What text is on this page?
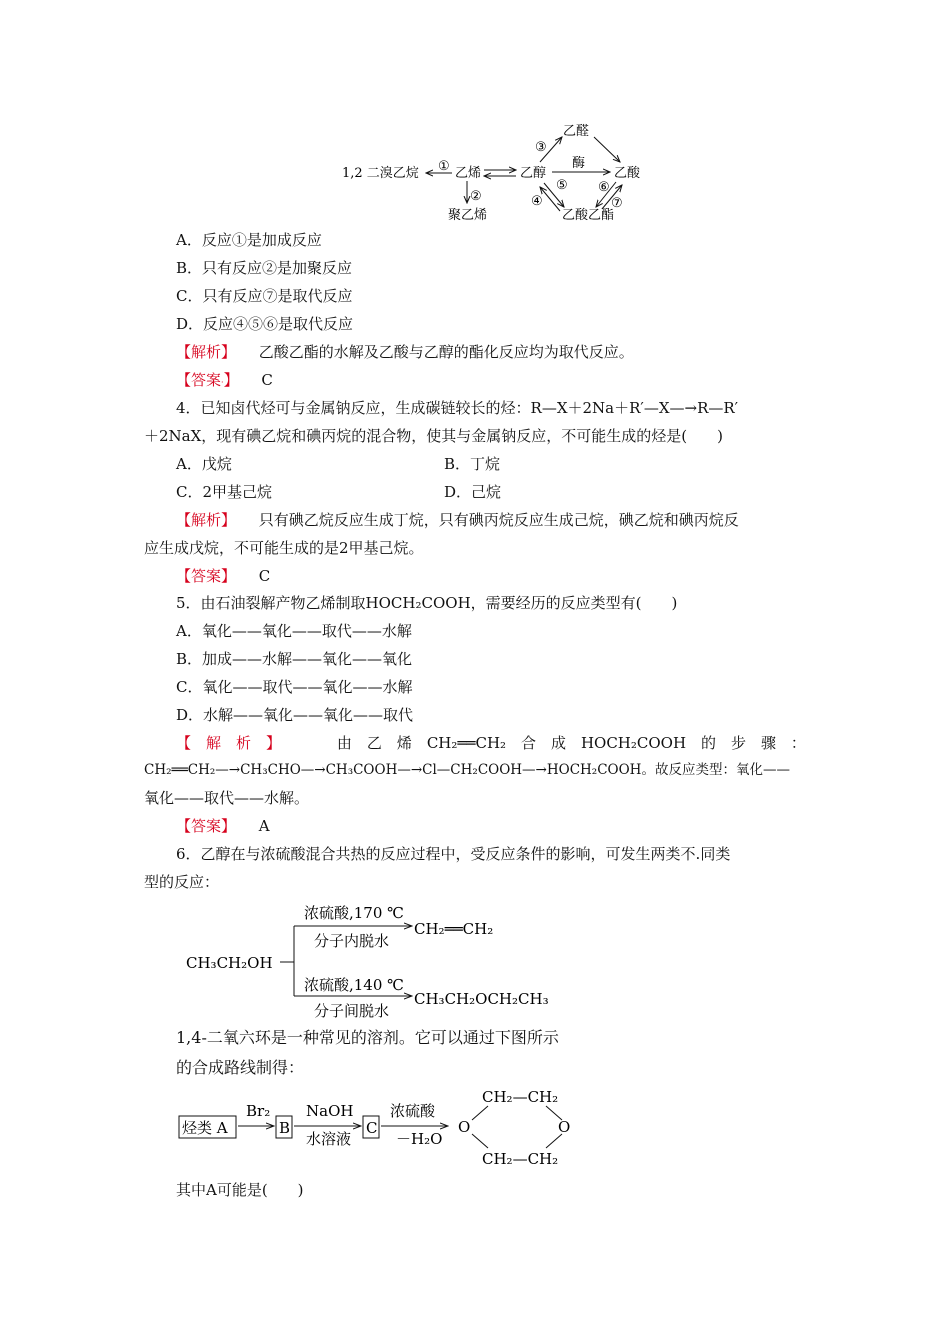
1,2 二溴乙烷	乙烯
聚乙烯
乙醇
乙醛
乙酸
乙酸乙酯
酶
①
②
③
④
⑤ ⑥
⑦
A．反应①是加成反应
B．只有反应②是加聚反应
C．只有反应⑦是取代反应
D．反应④⑤⑥是取代反应
【解析】 乙酸乙酯的水解及乙酸与乙醇的酯化反应均为取代反应。
【答案·】 C
4．已知卤代烃可与金属钠反应，生成碳链较长的烃：R—X＋2Na＋R′—X—→R—R′
＋2NaX，现有碘乙烷和碘丙烷的混合物，使其与金属钠反应，不可能生成的烃是(　　)
A．戊烷	B．丁烷
C．2甲基己烷	D．己烷
【解析】 只有碘乙烷反应生成丁烷，只有碘丙烷反应生成己烷，碘乙烷和碘丙烷反
应生成戊烷，不可能生成的是2甲基己烷。
【答案】 C
5．由石油裂解产物乙烯制取HOCH₂COOH，需要经历的反应类型有(　　)
A．氧化——氧化——取代——水解
B．加成——水解——氧化——氧化
C．氧化——取代——氧化——水解
D．水解——氧化——氧化——取代
【　解　析　】	由 乙 烯 CH₂══CH₂ 合 成 HOCH₂COOH 的 步 骤 ：
CH₂══CH₂—→CH₃CHO—→CH₃COOH—→Cl—CH₂COOH—→HOCH₂COOH。故反应类型：氧化——
氧化——取代——水解。
【答案】 A
6．乙醇在与浓硫酸混合共热的反应过程中，受反应条件的影响，可发生两类不.同类
型的反应：
CH₃CH₂OH
浓硫酸,170 ℃
分子内脱水
CH₂══CH₂
浓硫酸,140 ℃
分子间脱水
CH₃CH₂OCH₂CH₃
1,4-二氧六环是一种常见的溶剂。它可以通过下图所示
的合成路线制得：
烃类 A
Br₂
B
NaOH
水溶液
C
浓硫酸
－H₂O
CH₂—CH₂
CH₂—CH₂
O	O
其中A可能是(　　)
